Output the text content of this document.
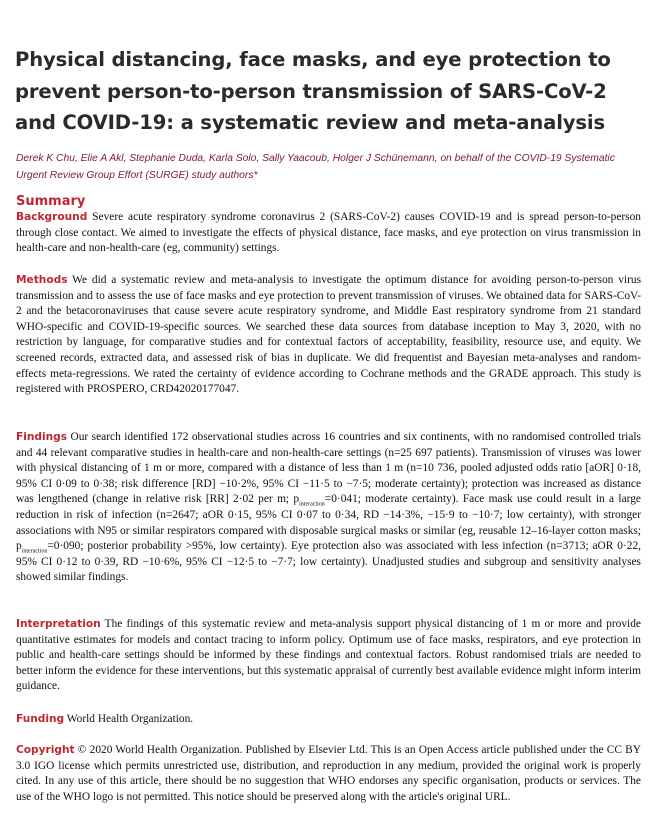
Physical distancing, face masks, and eye protection to prevent person-to-person transmission of SARS-CoV-2 and COVID-19: a systematic review and meta-analysis

Derek K Chu, Elie A Akl, Stephanie Duda, Karla Solo, Sally Yaacoub, Holger J Schünemann, on behalf of the COVID-19 Systematic Urgent Review Group Effort (SURGE) study authors*

Summary

Background Severe acute respiratory syndrome coronavirus 2 (SARS-CoV-2) causes COVID-19 and is spread person-to-person through close contact. We aimed to investigate the effects of physical distance, face masks, and eye protection on virus transmission in health-care and non-health-care (eg, community) settings.

Methods We did a systematic review and meta-analysis to investigate the optimum distance for avoiding person-to-person virus transmission and to assess the use of face masks and eye protection to prevent transmission of viruses. We obtained data for SARS-CoV-2 and the betacoronaviruses that cause severe acute respiratory syndrome, and Middle East respiratory syndrome from 21 standard WHO-specific and COVID-19-specific sources. We searched these data sources from database inception to May 3, 2020, with no restriction by language, for comparative studies and for contextual factors of acceptability, feasibility, resource use, and equity. We screened records, extracted data, and assessed risk of bias in duplicate. We did frequentist and Bayesian meta-analyses and random-effects meta-regressions. We rated the certainty of evidence according to Cochrane methods and the GRADE approach. This study is registered with PROSPERO, CRD42020177047.

Findings Our search identified 172 observational studies across 16 countries and six continents, with no randomised controlled trials and 44 relevant comparative studies in health-care and non-health-care settings (n=25 697 patients). Transmission of viruses was lower with physical distancing of 1 m or more, compared with a distance of less than 1 m (n=10 736, pooled adjusted odds ratio [aOR] 0·18, 95% CI 0·09 to 0·38; risk difference [RD] −10·2%, 95% CI −11·5 to −7·5; moderate certainty); protection was increased as distance was lengthened (change in relative risk [RR] 2·02 per m; $p_{interaction}=0\cdot 041$; moderate certainty). Face mask use could result in a large reduction in risk of infection (n=2647; aOR 0·15, 95% CI 0·07 to 0·34, RD −14·3%, −15·9 to −10·7; low certainty), with stronger associations with N95 or similar respirators compared with disposable surgical masks or similar (eg, reusable 12–16-layer cotton masks; $p_{interaction}=0\cdot 090$; posterior probability >95%, low certainty). Eye protection also was associated with less infection (n=3713; aOR 0·22, 95% CI 0·12 to 0·39, RD −10·6%, 95% CI −12·5 to −7·7; low certainty). Unadjusted studies and subgroup and sensitivity analyses showed similar findings.

Interpretation The findings of this systematic review and meta-analysis support physical distancing of 1 m or more and provide quantitative estimates for models and contact tracing to inform policy. Optimum use of face masks, respirators, and eye protection in public and health-care settings should be informed by these findings and contextual factors. Robust randomised trials are needed to better inform the evidence for these interventions, but this systematic appraisal of currently best available evidence might inform interim guidance.

Funding World Health Organization.

Copyright © 2020 World Health Organization. Published by Elsevier Ltd. This is an Open Access article published under the CC BY 3.0 IGO license which permits unrestricted use, distribution, and reproduction in any medium, provided the original work is properly cited. In any use of this article, there should be no suggestion that WHO endorses any specific organisation, products or services. The use of the WHO logo is not permitted. This notice should be preserved along with the article's original URL.
